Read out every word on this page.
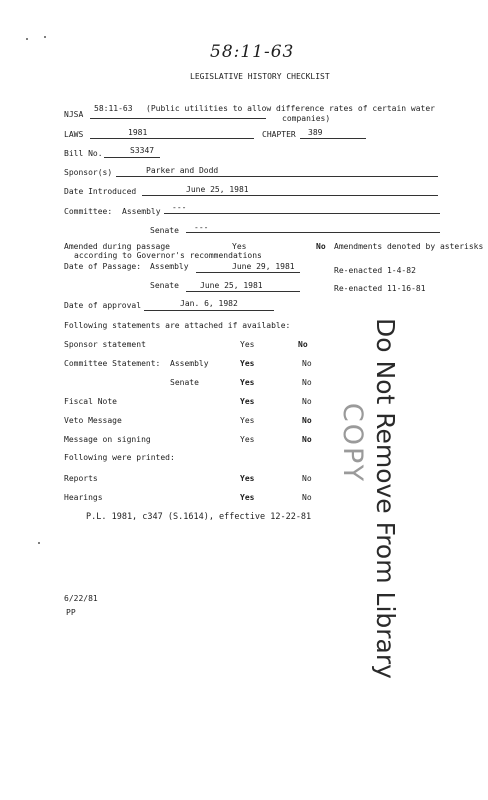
58:11-63
LEGISLATIVE HISTORY CHECKLIST
NJSA
58:11-63 (Public utilities to allow difference rates of certain water
companies)
LAWS	1981	CHAPTER 389
Bill No.	S3347
Sponsor(s)	Parker and Dodd
Date Introduced	June 25, 1981
Committee: Assembly ---
Senate ---
Amended during passage	Yes	No Amendments denoted by asterisks
according to Governor's recommendations
Date of Passage: Assembly	June 29, 1981	Re-enacted 1-4-82
Senate	June 25, 1981	Re-enacted 11-16-81
Date of approval	Jan. 6, 1982
Following statements are attached if available:
Sponsor statement	Yes	No
Committee Statement: Assembly	Yes	No
Senate	Yes	No
Fiscal Note	Yes	No
Veto Message	Yes	No
Message on signing	Yes	No
Following were printed:
Reports	Yes	No
Hearings	Yes	No
P.L. 1981, c347 (S.1614), effective 12-22-81 Do Not Remove From Library
COPY
6/22/81
PP
